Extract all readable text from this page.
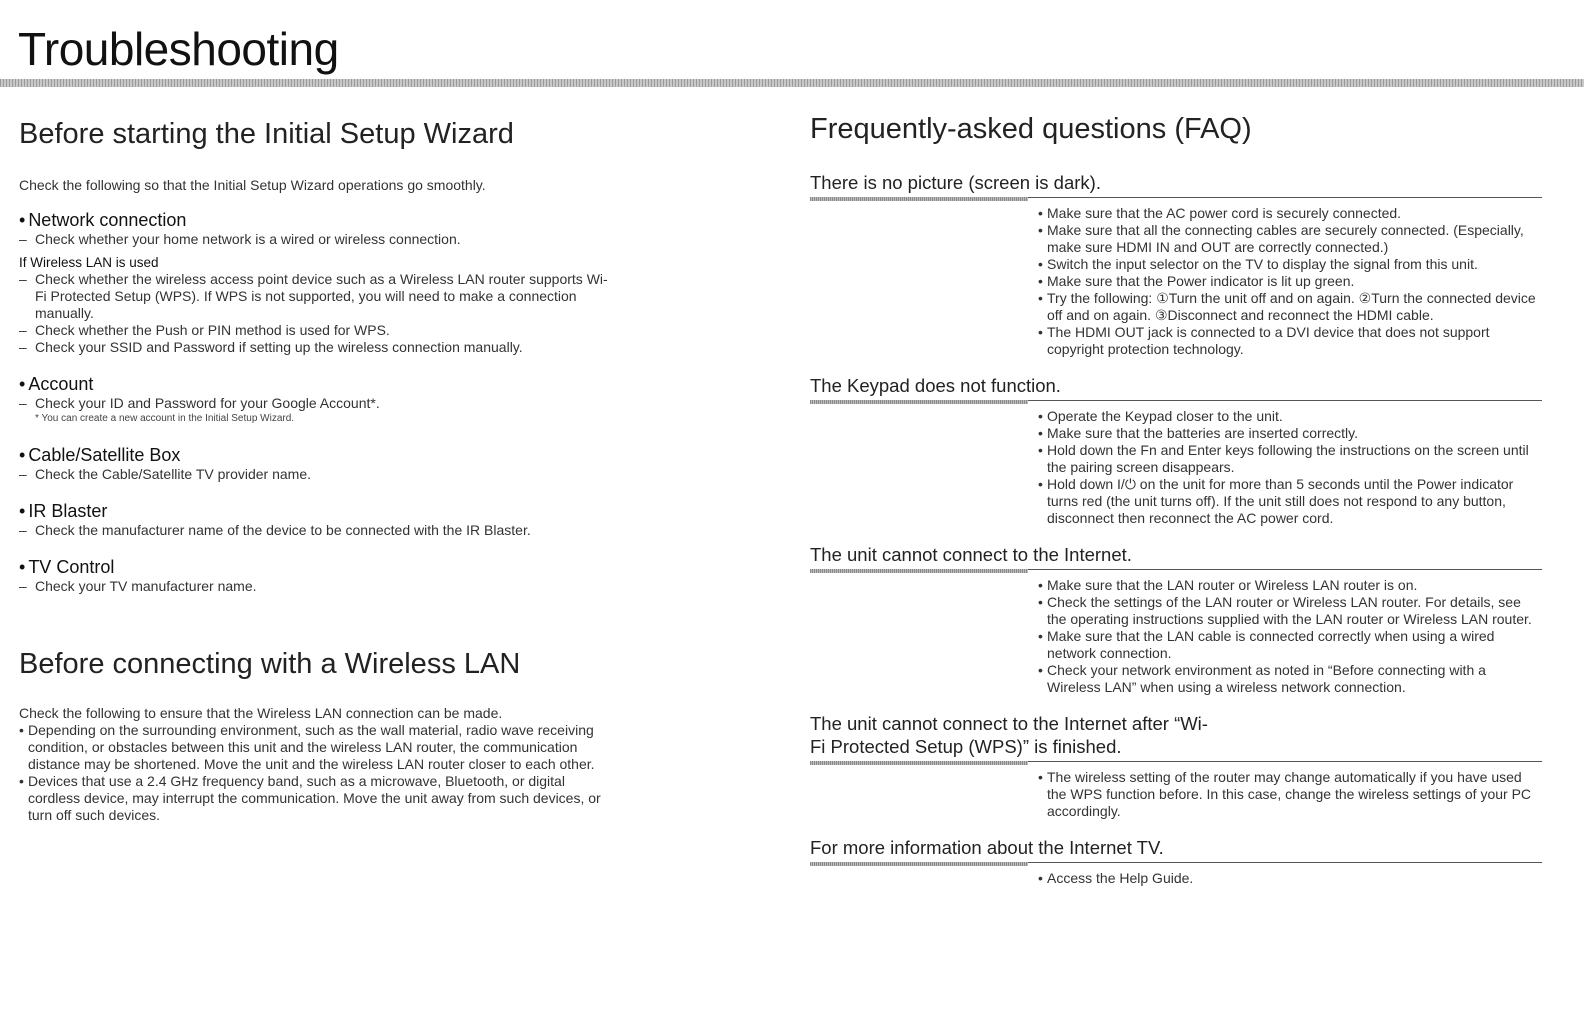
Troubleshooting
Before starting the Initial Setup Wizard

Check the following so that the Initial Setup Wizard operations go smoothly.

• Network connection
– Check whether your home network is a wired or wireless connection.
If Wireless LAN is used
– Check whether the wireless access point device such as a Wireless LAN router supports Wi-Fi Protected Setup (WPS). If WPS is not supported, you will need to make a connection manually.
– Check whether the Push or PIN method is used for WPS.
– Check your SSID and Password if setting up the wireless connection manually.
• Account
– Check your ID and Password for your Google Account*.
* You can create a new account in the Initial Setup Wizard.
• Cable/Satellite Box
– Check the Cable/Satellite TV provider name.
• IR Blaster
– Check the manufacturer name of the device to be connected with the IR Blaster.
• TV Control
– Check your TV manufacturer name.
Before connecting with a Wireless LAN

Check the following to ensure that the Wireless LAN connection can be made.

• Depending on the surrounding environment, such as the wall material, radio wave receiving condition, or obstacles between this unit and the wireless LAN router, the communication distance may be shortened. Move the unit and the wireless LAN router closer to each other.
• Devices that use a 2.4 GHz frequency band, such as a microwave, Bluetooth, or digital cordless device, may interrupt the communication. Move the unit away from such devices, or turn off such devices.
Frequently-asked questions (FAQ)
There is no picture (screen is dark).
• Make sure that the AC power cord is securely connected.
• Make sure that all the connecting cables are securely connected. (Especially, make sure HDMI IN and OUT are correctly connected.)
• Switch the input selector on the TV to display the signal from this unit.
• Make sure that the Power indicator is lit up green.
• Try the following: ①Turn the unit off and on again. ②Turn the connected device off and on again. ③Disconnect and reconnect the HDMI cable.
• The HDMI OUT jack is connected to a DVI device that does not support copyright protection technology.
The Keypad does not function.
• Operate the Keypad closer to the unit.
• Make sure that the batteries are inserted correctly.
• Hold down the Fn and Enter keys following the instructions on the screen until the pairing screen disappears.
• Hold down I/⏻ on the unit for more than 5 seconds until the Power indicator turns red (the unit turns off). If the unit still does not respond to any button, disconnect then reconnect the AC power cord.
The unit cannot connect to the Internet.
• Make sure that the LAN router or Wireless LAN router is on.
• Check the settings of the LAN router or Wireless LAN router. For details, see the operating instructions supplied with the LAN router or Wireless LAN router.
• Make sure that the LAN cable is connected correctly when using a wired network connection.
• Check your network environment as noted in “Before connecting with a Wireless LAN” when using a wireless network connection.
The unit cannot connect to the Internet after “Wi-Fi Protected Setup (WPS)” is finished.
• The wireless setting of the router may change automatically if you have used the WPS function before. In this case, change the wireless settings of your PC accordingly.
For more information about the Internet TV.
• Access the Help Guide.
